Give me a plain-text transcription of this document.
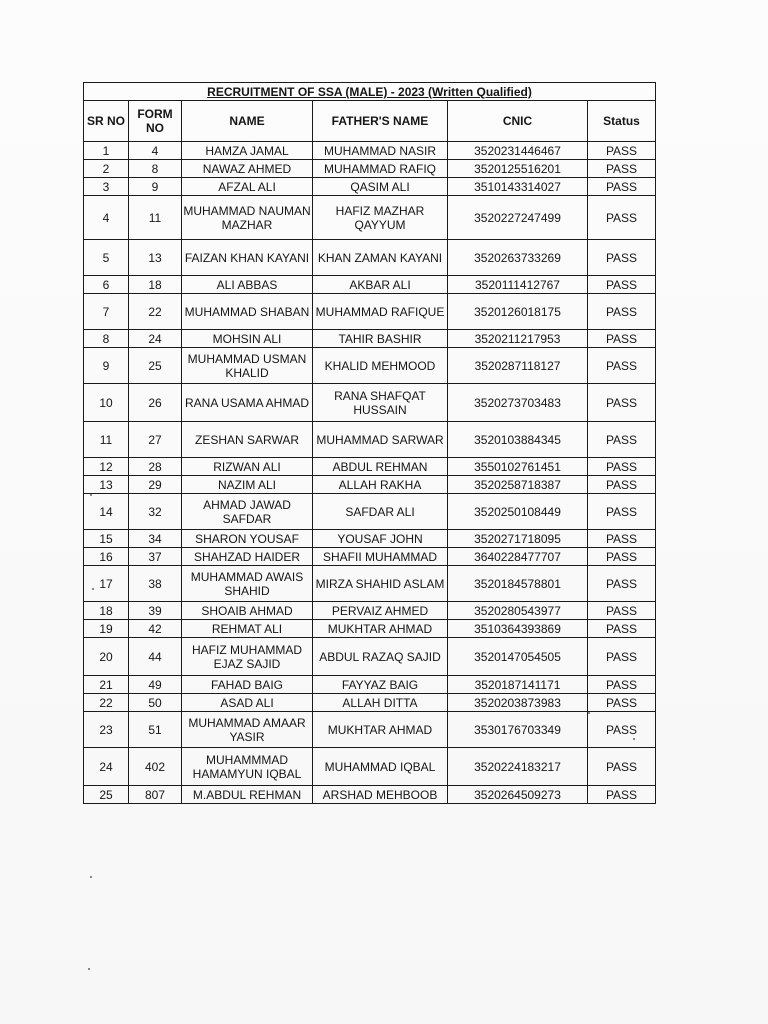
RECRUITMENT OF SSA (MALE) - 2023 (Written Qualified)
SR NO	FORM NO	NAME	FATHER'S NAME	CNIC	Status
1	4	HAMZA JAMAL	MUHAMMAD NASIR	3520231446467	PASS
2	8	NAWAZ AHMED	MUHAMMAD RAFIQ	3520125516201	PASS
3	9	AFZAL ALI	QASIM ALI	3510143314027	PASS
4	11	MUHAMMAD NAUMAN MAZHAR	HAFIZ MAZHAR QAYYUM	3520227247499	PASS
5	13	FAIZAN KHAN KAYANI	KHAN ZAMAN KAYANI	3520263733269	PASS
6	18	ALI ABBAS	AKBAR ALI	3520111412767	PASS
7	22	MUHAMMAD SHABAN	MUHAMMAD RAFIQUE	3520126018175	PASS
8	24	MOHSIN ALI	TAHIR BASHIR	3520211217953	PASS
9	25	MUHAMMAD USMAN KHALID	KHALID MEHMOOD	3520287118127	PASS
10	26	RANA USAMA AHMAD	RANA SHAFQAT HUSSAIN	3520273703483	PASS
11	27	ZESHAN SARWAR	MUHAMMAD SARWAR	3520103884345	PASS
12	28	RIZWAN ALI	ABDUL REHMAN	3550102761451	PASS
13	29	NAZIM ALI	ALLAH RAKHA	3520258718387	PASS
14	32	AHMAD JAWAD SAFDAR	SAFDAR ALI	3520250108449	PASS
15	34	SHARON YOUSAF	YOUSAF JOHN	3520271718095	PASS
16	37	SHAHZAD HAIDER	SHAFII MUHAMMAD	3640228477707	PASS
17	38	MUHAMMAD AWAIS SHAHID	MIRZA SHAHID ASLAM	3520184578801	PASS
18	39	SHOAIB AHMAD	PERVAIZ AHMED	3520280543977	PASS
19	42	REHMAT ALI	MUKHTAR AHMAD	3510364393869	PASS
20	44	HAFIZ MUHAMMAD EJAZ SAJID	ABDUL RAZAQ SAJID	3520147054505	PASS
21	49	FAHAD BAIG	FAYYAZ BAIG	3520187141171	PASS
22	50	ASAD ALI	ALLAH DITTA	3520203873983	PASS
23	51	MUHAMMAD AMAAR YASIR	MUKHTAR AHMAD	3530176703349	PASS
24	402	MUHAMMMAD HAMAMYUN IQBAL	MUHAMMAD IQBAL	3520224183217	PASS
25	807	M.ABDUL REHMAN	ARSHAD MEHBOOB	3520264509273	PASS
